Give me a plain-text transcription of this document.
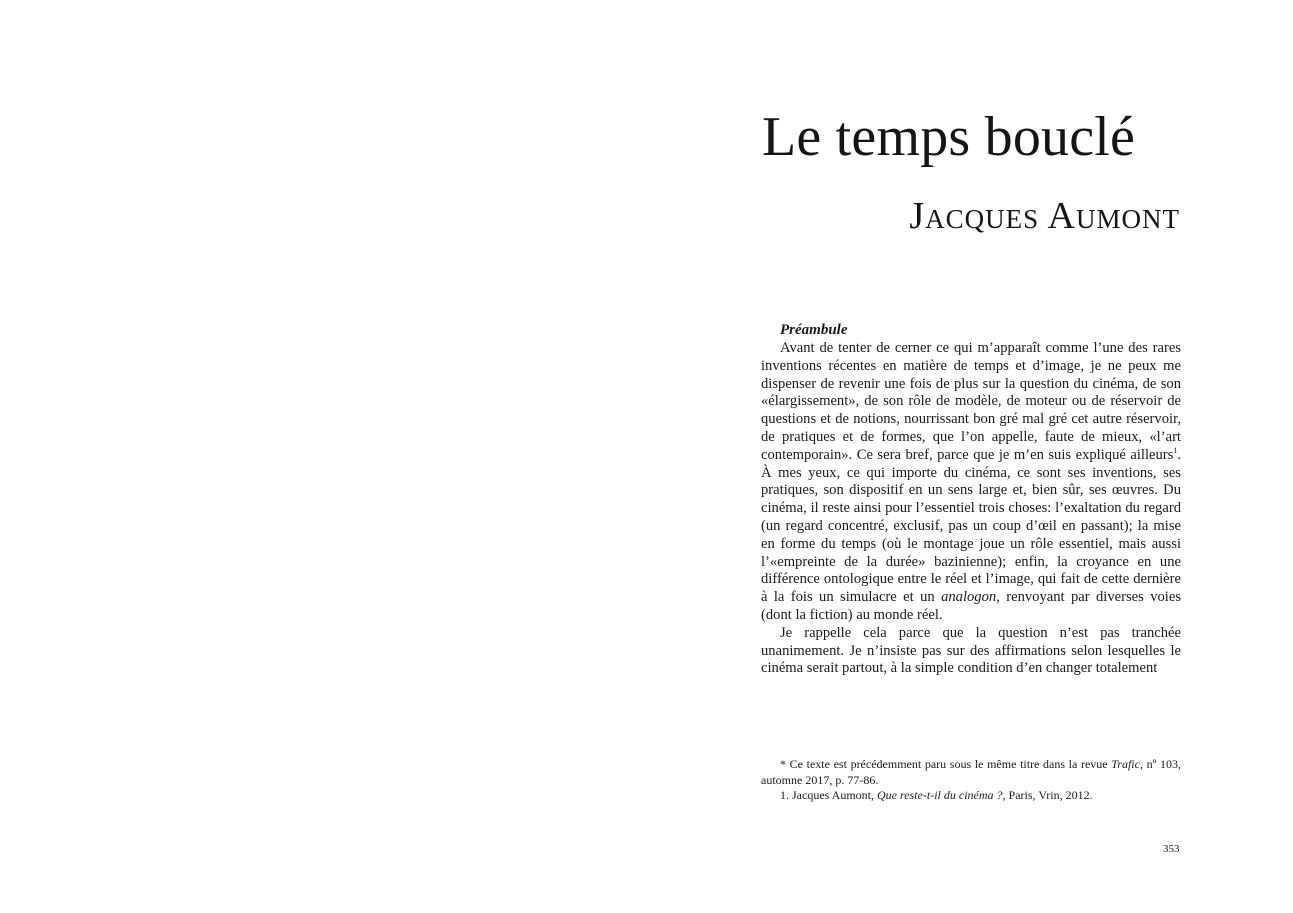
Le temps bouclé
Jacques Aumont
Préambule

Avant de tenter de cerner ce qui m’apparaît comme l’une des rares inventions récentes en matière de temps et d’image, je ne peux me dispenser de revenir une fois de plus sur la question du cinéma, de son «élargissement», de son rôle de modèle, de moteur ou de réservoir de questions et de notions, nourrissant bon gré mal gré cet autre réservoir, de pratiques et de formes, que l’on appelle, faute de mieux, «l’art contemporain». Ce sera bref, parce que je m’en suis expliqué ailleurs$^1$. À mes yeux, ce qui importe du cinéma, ce sont ses inventions, ses pratiques, son dispositif en un sens large et, bien sûr, ses œuvres. Du cinéma, il reste ainsi pour l’essentiel trois choses: l’exaltation du regard (un regard concentré, exclusif, pas un coup d’œil en passant); la mise en forme du temps (où le montage joue un rôle essentiel, mais aussi l’«empreinte de la durée» bazinienne); enfin, la croyance en une différence ontologique entre le réel et l’image, qui fait de cette dernière à la fois un simulacre et un analogon, renvoyant par diverses voies (dont la fiction) au monde réel.

Je rappelle cela parce que la question n’est pas tranchée unanimement. Je n’insiste pas sur des affirmations selon lesquelles le cinéma serait partout, à la simple condition d’en changer totalement

* Ce texte est précédemment paru sous le même titre dans la revue Trafic, nº 103, automne 2017, p. 77-86.

1. Jacques Aumont, Que reste-t-il du cinéma ?, Paris, Vrin, 2012.

353
